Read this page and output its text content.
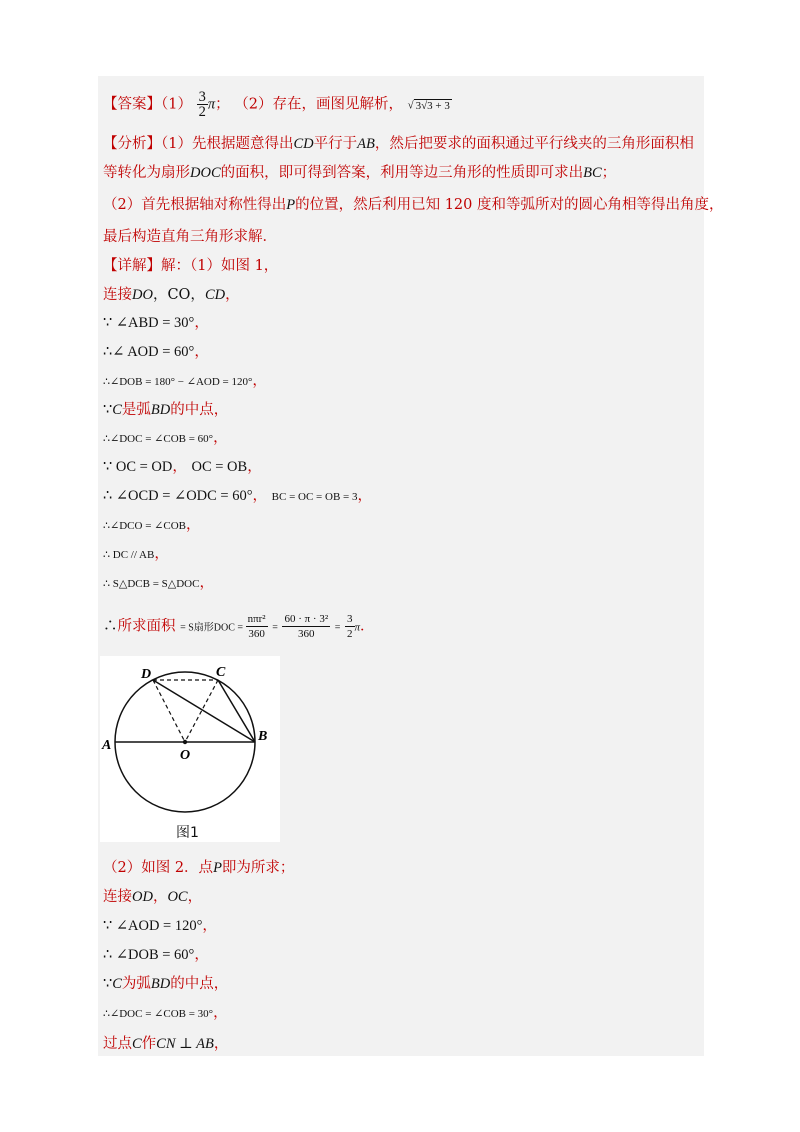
【答案】$(1) \frac{3}{2}$ π； （2）存在，画图见解析， √ 3√3 + 3
【分析】（1）先根据题意得出CD平行于AB，然后把要求的面积通过平行线夹的三角形面积相
等转化为扇形DOC的面积，即可得到答案，利用等边三角形的性质即可求出BC；
（2）首先根据轴对称性得出P的位置，然后利用已知 120 度和等弧所对的圆心角相等得出角度，
最后构造直角三角形求解．
【详解】解：（1）如图 1，
连接DO，CO，CD，
∵ ∠ABD = 30°，
∴∠ AOD = 60°，
∴∠DOB = 180° − ∠AOD = 120°，
∵C是弧BD的中点，
∴∠DOC = ∠COB = 60°，
∵ OC = OD， OC = OB，
∴ ∠OCD = ∠ODC = 60°， BC = OC = OB = 3，
∴∠DCO = ∠COB，
∴ DC // AB，
∴ S△DCB = S△DOC，
∴所求面积 = S扇形DOC = $\frac{\text{nπr²}}{360} = \frac{\text{60 · π · 3²}}{360} = \frac{3}{2}$ π．
D	C
A
B
O
图1
（2）如图 2．点P即为所求；
连接OD，OC，
∵ ∠AOD = 120°，
∴ ∠DOB = 60°，
∵C为弧BD的中点，
∴∠DOC = ∠COB = 30°，
过点C作CN ⊥ AB，
